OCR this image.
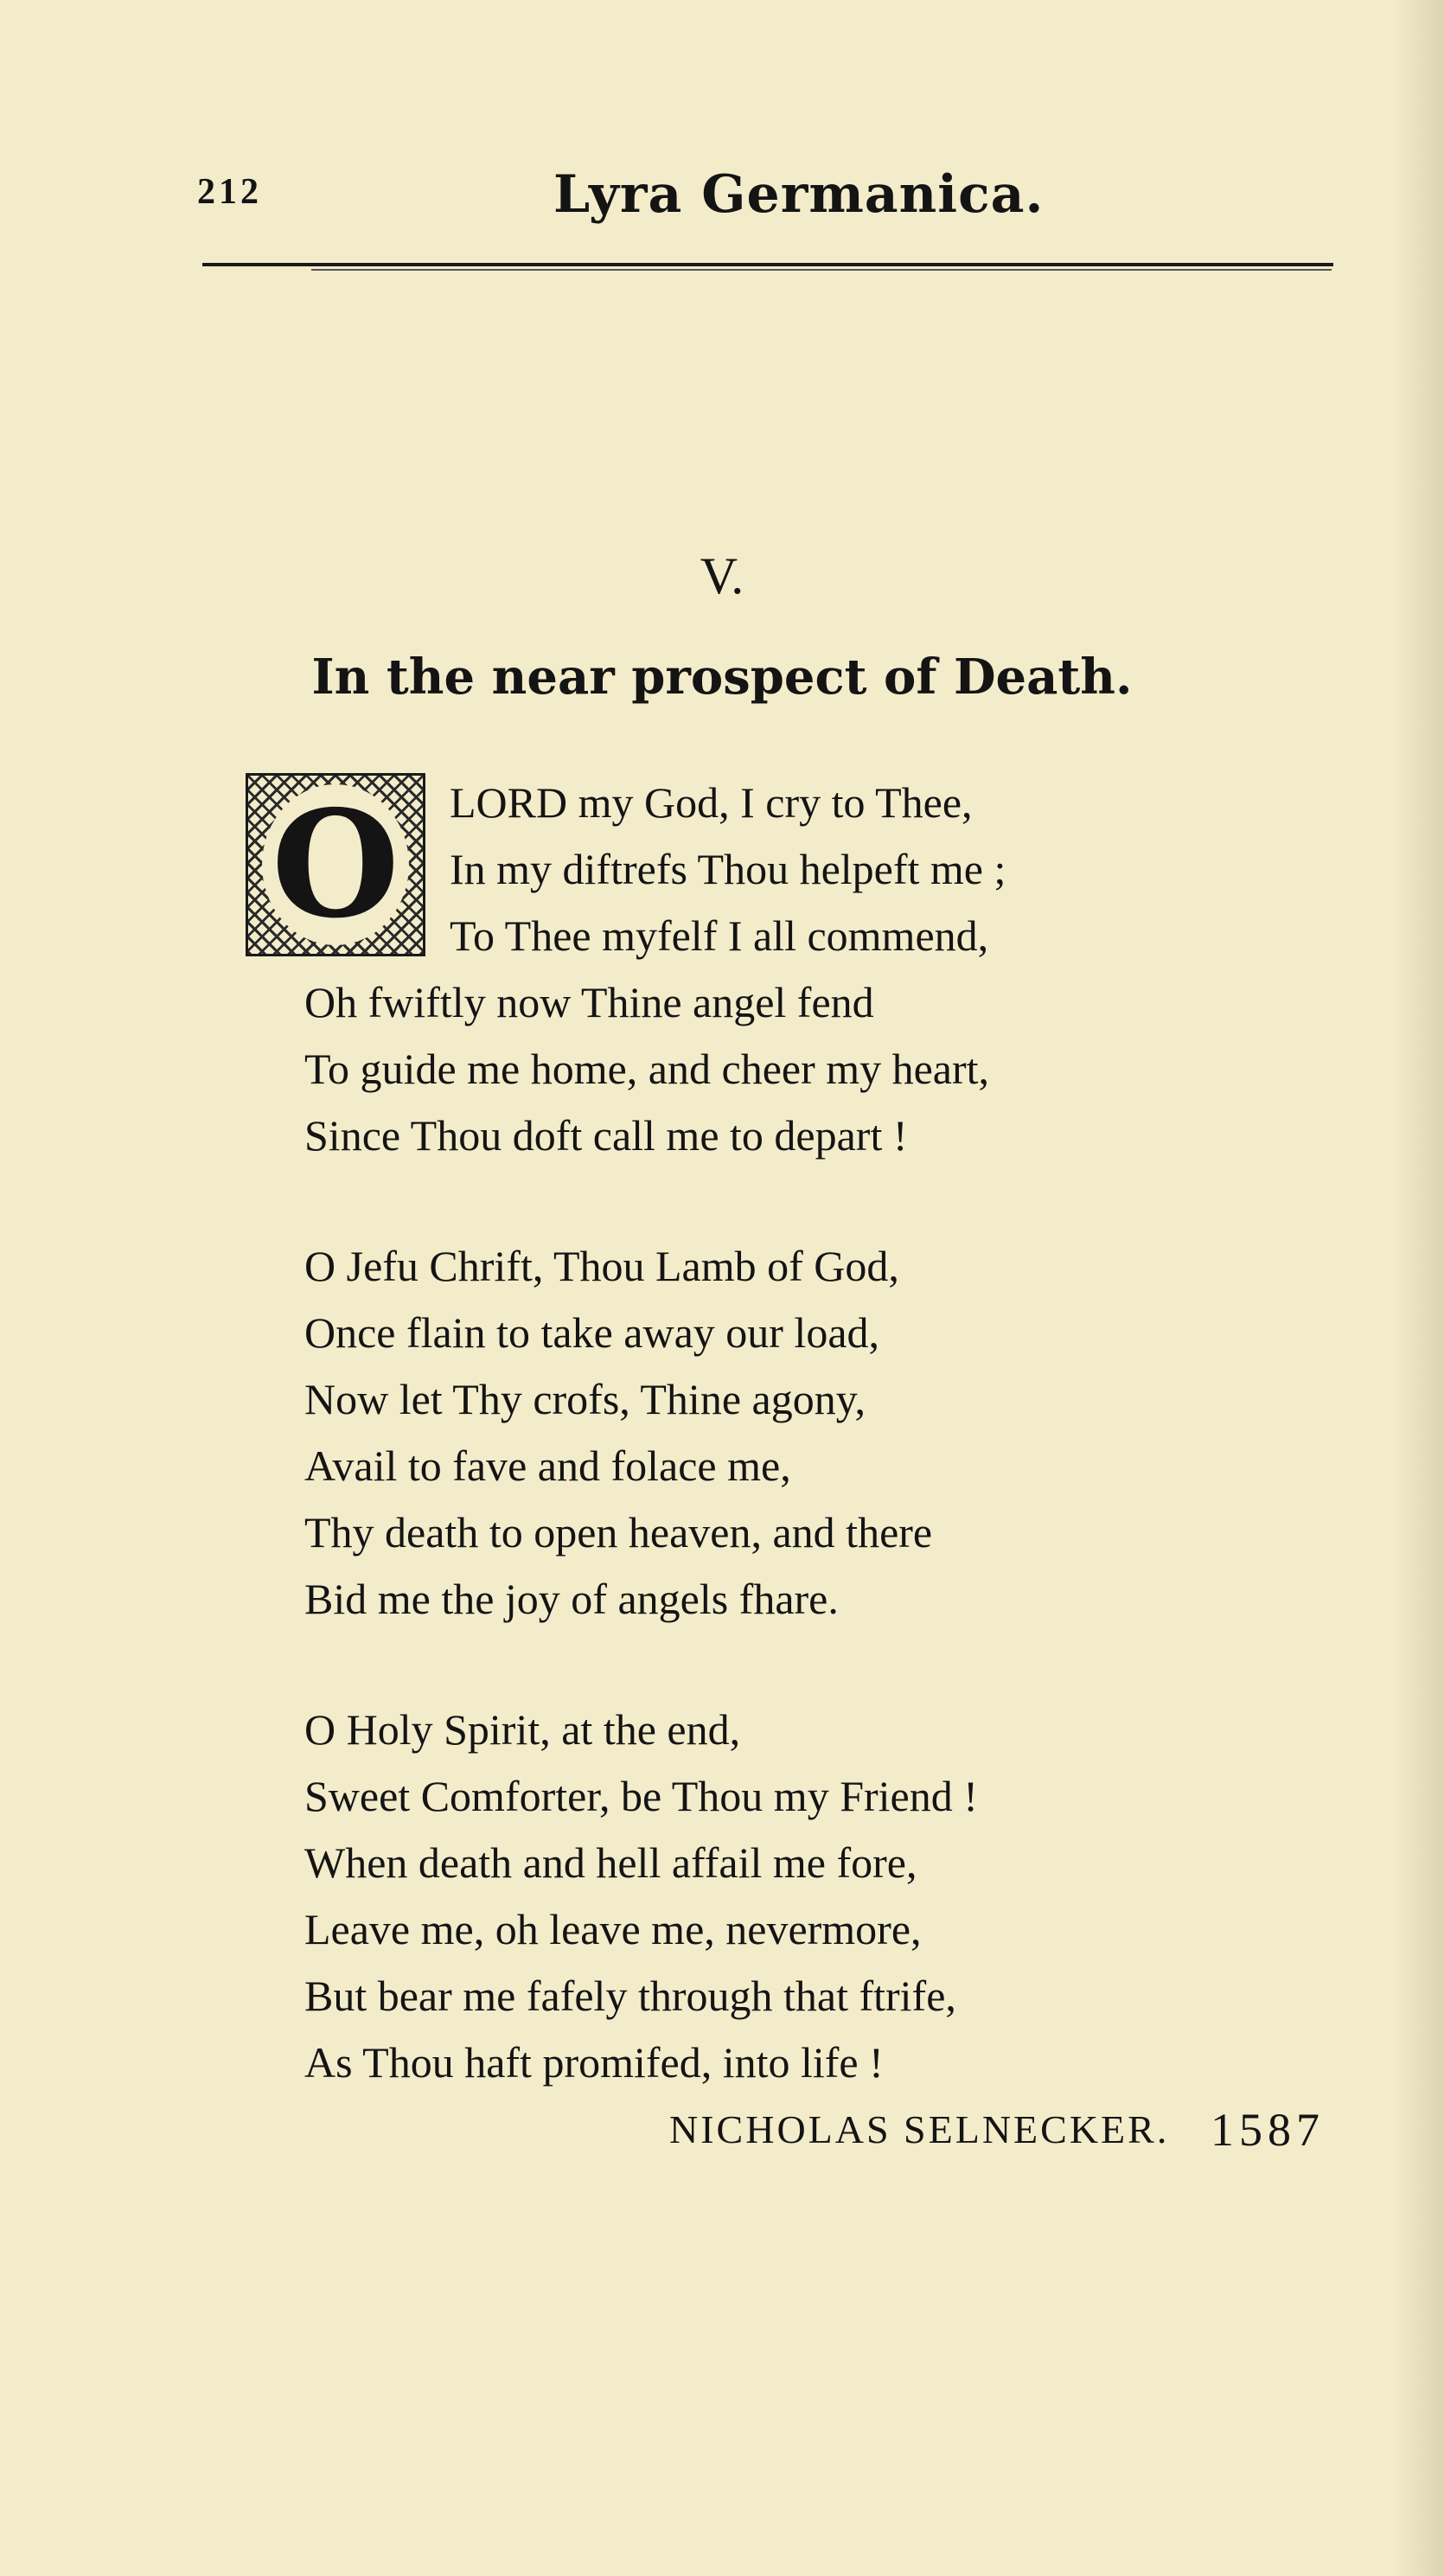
212	Lyra Germanica.
V.
In the near prospect of Death.
O	LORD my God, I cry to Thee,
In my diftrefs Thou helpeft me ;
To Thee myfelf I all commend,
Oh fwiftly now Thine angel fend
To guide me home, and cheer my heart,
Since Thou doft call me to depart !
O Jefu Chrift, Thou Lamb of God,
Once flain to take away our load,
Now let Thy crofs, Thine agony,
Avail to fave and folace me,
Thy death to open heaven, and there
Bid me the joy of angels fhare.
O Holy Spirit, at the end,
Sweet Comforter, be Thou my Friend !
When death and hell affail me fore,
Leave me, oh leave me, nevermore,
But bear me fafely through that ftrife,
As Thou haft promifed, into life !
NICHOLAS SELNECKER. 1587
